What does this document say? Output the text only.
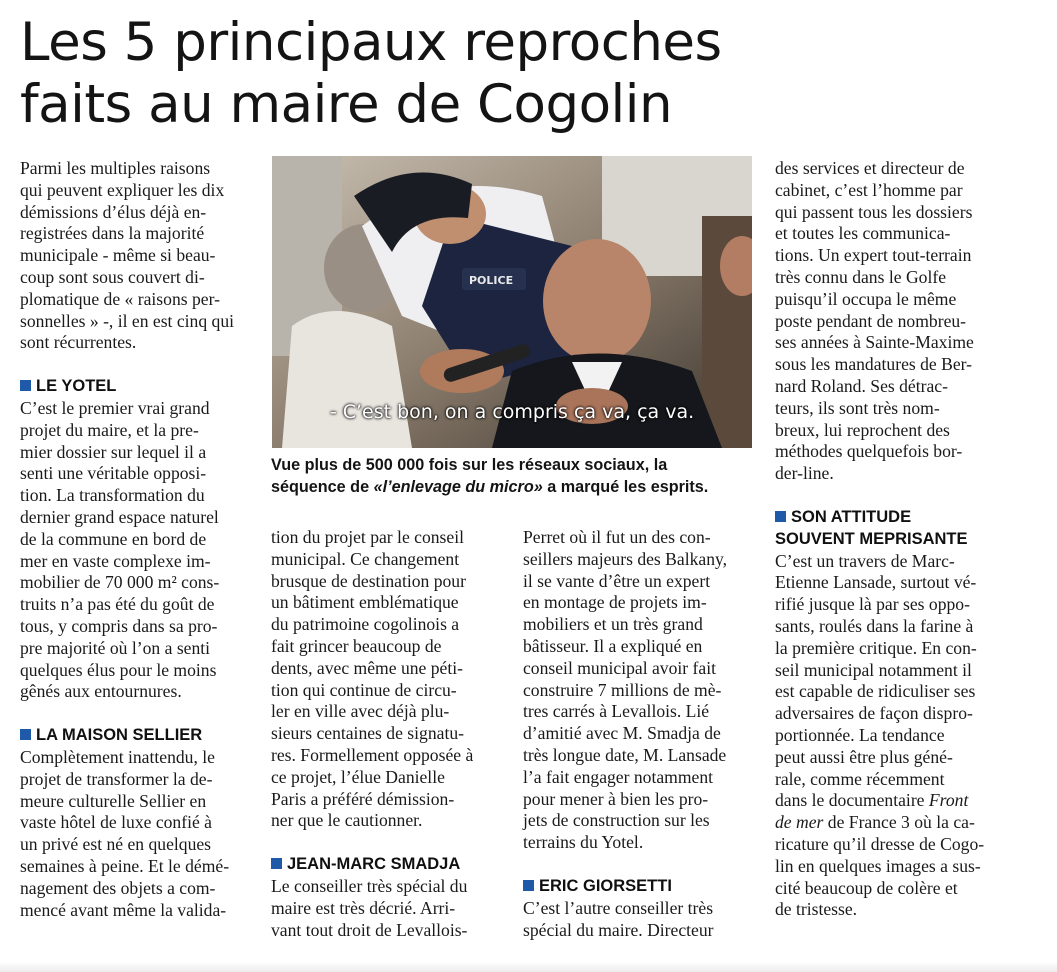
Les 5 principaux reproches
faits au maire de Cogolin

Parmi les multiples raisons
qui peuvent expliquer les dix
démissions d’élus déjà en-
registrées dans la majorité
municipale - même si beau-
coup sont sous couvert di-
plomatique de « raisons per-
sonnelles » -, il en est cinq qui
sont récurrentes.

LE YOTEL

C’est le premier vrai grand
projet du maire, et la pre-
mier dossier sur lequel il a
senti une véritable opposi-
tion. La transformation du
dernier grand espace naturel
de la commune en bord de
mer en vaste complexe im-
mobilier de 70 000 m² cons-
truits n’a pas été du goût de
tous, y compris dans sa pro-
pre majorité où l’on a senti
quelques élus pour le moins
gênés aux entournures.

LA MAISON SELLIER

Complètement inattendu, le
projet de transformer la de-
meure culturelle Sellier en
vaste hôtel de luxe confié à
un privé est né en quelques
semaines à peine. Et le démé-
nagement des objets a com-
mencé avant même la valida-

POLICE
- C’est bon, on a compris ça va, ça va.
Vue plus de 500 000 fois sur les réseaux sociaux, la
séquence de «l’enlevage du micro» a marqué les esprits.

tion du projet par le conseil
municipal. Ce changement
brusque de destination pour
un bâtiment emblématique
du patrimoine cogolinois a
fait grincer beaucoup de
dents, avec même une péti-
tion qui continue de circu-
ler en ville avec déjà plu-
sieurs centaines de signatu-
res. Formellement opposée à
ce projet, l’élue Danielle
Paris a préféré démission-
ner que le cautionner.

JEAN-MARC SMADJA

Le conseiller très spécial du
maire est très décrié. Arri-
vant tout droit de Levallois-

Perret où il fut un des con-
seillers majeurs des Balkany,
il se vante d’être un expert
en montage de projets im-
mobiliers et un très grand
bâtisseur. Il a expliqué en
conseil municipal avoir fait
construire 7 millions de mè-
tres carrés à Levallois. Lié
d’amitié avec M. Smadja de
très longue date, M. Lansade
l’a fait engager notamment
pour mener à bien les pro-
jets de construction sur les
terrains du Yotel.

ERIC GIORSETTI

C’est l’autre conseiller très
spécial du maire. Directeur

des services et directeur de
cabinet, c’est l’homme par
qui passent tous les dossiers
et toutes les communica-
tions. Un expert tout-terrain
très connu dans le Golfe
puisqu’il occupa le même
poste pendant de nombreu-
ses années à Sainte-Maxime
sous les mandatures de Ber-
nard Roland. Ses détrac-
teurs, ils sont très nom-
breux, lui reprochent des
méthodes quelquefois bor-
der-line.

SON ATTITUDE
SOUVENT MEPRISANTE

C’est un travers de Marc-
Etienne Lansade, surtout vé-
rifié jusque là par ses oppo-
sants, roulés dans la farine à
la première critique. En con-
seil municipal notamment il
est capable de ridiculiser ses
adversaires de façon dispro-
portionnée. La tendance
peut aussi être plus géné-
rale, comme récemment
dans le documentaire Front
de mer de France 3 où la ca-
ricature qu’il dresse de Cogo-
lin en quelques images a sus-
cité beaucoup de colère et
de tristesse.
